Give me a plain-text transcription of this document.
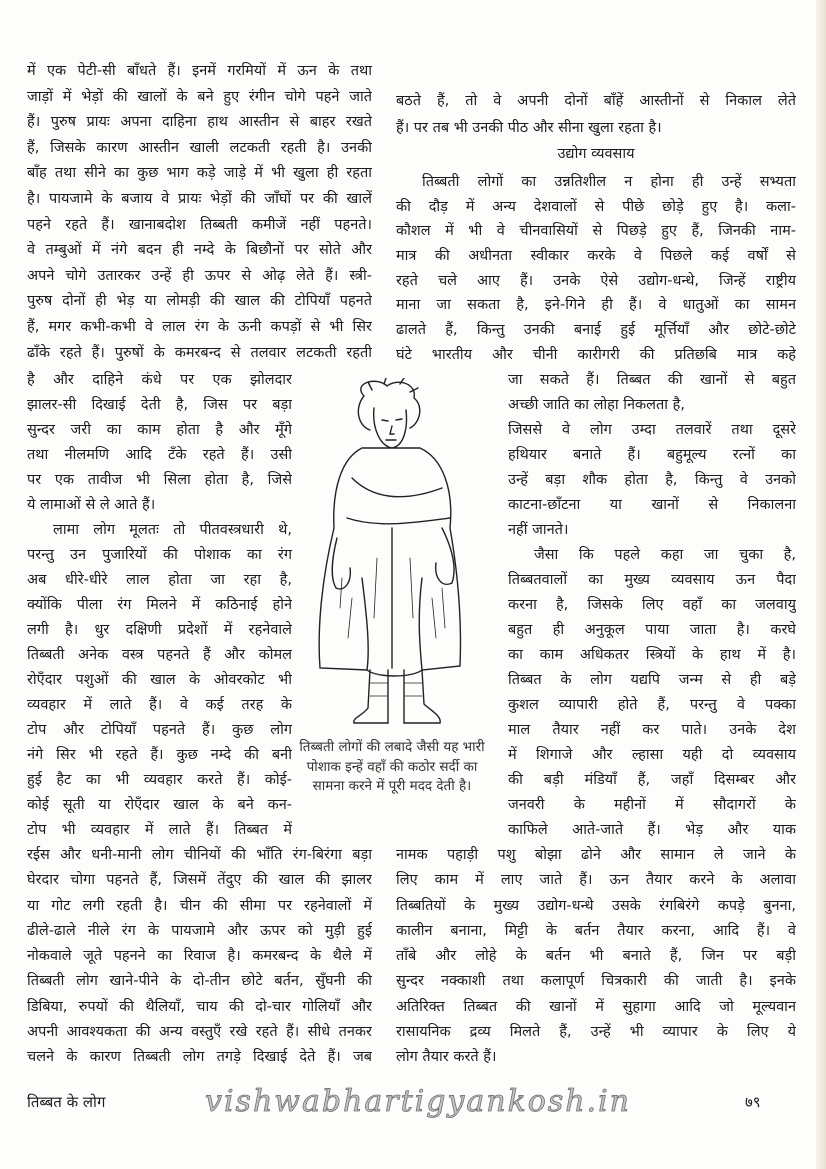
में एक पेटी-सी बाँधते हैं। इनमें गरमियों में ऊन के तथा
जाड़ों में भेड़ों की खालों के बने हुए रंगीन चोगे पहने जाते
हैं। पुरुष प्रायः अपना दाहिना हाथ आस्तीन से बाहर रखते
हैं, जिसके कारण आस्तीन खाली लटकती रहती है। उनकी
बाँह तथा सीने का कुछ भाग कड़े जाड़े में भी खुला ही रहता
है। पायजामे के बजाय वे प्रायः भेड़ों की जाँघों पर की खालें
पहने रहते हैं। खानाबदोश तिब्बती कमीजें नहीं पहनते।
वे तम्बुओं में नंगे बदन ही नम्दे के बिछौनों पर सोते और
अपने चोगे उतारकर उन्हें ही ऊपर से ओढ़ लेते हैं। स्त्री-
पुरुष दोनों ही भेड़ या लोमड़ी की खाल की टोपियाँ पहनते
हैं, मगर कभी-कभी वे लाल रंग के ऊनी कपड़ों से भी सिर
ढाँके रहते हैं। पुरुषों के कमरबन्द से तलवार लटकती रहती
बठते हैं, तो वे अपनी दोनों बाँहें आस्तीनों से निकाल लेते
हैं। पर तब भी उनकी पीठ और सीना खुला रहता है।
उद्योग व्यवसाय
तिब्बती लोगों का उन्नतिशील न होना ही उन्हें सभ्यता
की दौड़ में अन्य देशवालों से पीछे छोड़े हुए है। कला-
कौशल में भी वे चीनवासियों से पिछड़े हुए हैं, जिनकी नाम-
मात्र की अधीनता स्वीकार करके वे पिछले कई वर्षों से
रहते चले आए हैं। उनके ऐसे उद्योग-धन्धे, जिन्हें राष्ट्रीय
माना जा सकता है, इने-गिने ही हैं। वे धातुओं का सामन
ढालते हैं, किन्तु उनकी बनाई हुई मूर्त्तियाँ और छोटे-छोटे
घंटे भारतीय और चीनी कारीगरी की प्रतिछबि मात्र कहे
है और दाहिने कंधे पर एक झोलदार
झालर-सी दिखाई देती है, जिस पर बड़ा
सुन्दर जरी का काम होता है और मूँगे
तथा नीलमणि आदि टँके रहते हैं। उसी
पर एक तावीज भी सिला होता है, जिसे
ये लामाओं से ले आते हैं।
लामा लोग मूलतः तो पीतवस्त्रधारी थे,
परन्तु उन पुजारियों की पोशाक का रंग
अब धीरे-धीरे लाल होता जा रहा है,
क्योंकि पीला रंग मिलने में कठिनाई होने
लगी है। धुर दक्षिणी प्रदेशों में रहनेवाले
तिब्बती अनेक वस्त्र पहनते हैं और कोमल
रोएँदार पशुओं की खाल के ओवरकोट भी
व्यवहार में लाते हैं। वे कई तरह के
टोप और टोपियाँ पहनते हैं। कुछ लोग
नंगे सिर भी रहते हैं। कुछ नम्दे की बनी
हुई हैट का भी व्यवहार करते हैं। कोई-
कोई सूती या रोएँदार खाल के बने कन-
टोप भी व्यवहार में लाते हैं। तिब्बत में
तिब्बती लोगों की लबादे जैसी यह भारी पोशाक इन्हें वहाँ की कठोर सर्दी का सामना करने में पूरी मदद देती है।
जा सकते हैं। तिब्बत की खानों से बहुत
अच्छी जाति का लोहा निकलता है,
जिससे वे लोग उम्दा तलवारें तथा दूसरे
हथियार बनाते हैं। बहुमूल्य रत्नों का
उन्हें बड़ा शौक होता है, किन्तु वे उनको
काटना-छाँटना या खानों से निकालना
नहीं जानते।
जैसा कि पहले कहा जा चुका है,
तिब्बतवालों का मुख्य व्यवसाय ऊन पैदा
करना है, जिसके लिए वहाँ का जलवायु
बहुत ही अनुकूल पाया जाता है। करघे
का काम अधिकतर स्त्रियों के हाथ में है।
तिब्बत के लोग यद्यपि जन्म से ही बड़े
कुशल व्यापारी होते हैं, परन्तु वे पक्का
माल तैयार नहीं कर पाते। उनके देश
में शिगाजे और ल्हासा यही दो व्यवसाय
की बड़ी मंडियाँ हैं, जहाँ दिसम्बर और
जनवरी के महीनों में सौदागरों के
काफिले आते-जाते हैं। भेड़ और याक
रईस और धनी-मानी लोग चीनियों की भाँति रंग-बिरंगा बड़ा
घेरदार चोगा पहनते हैं, जिसमें तेंदुए की खाल की झालर
या गोट लगी रहती है। चीन की सीमा पर रहनेवालों में
ढीले-ढाले नीले रंग के पायजामे और ऊपर को मुड़ी हुई
नोकवाले जूते पहनने का रिवाज है। कमरबन्द के थैले में
तिब्बती लोग खाने-पीने के दो-तीन छोटे बर्तन, सुँघनी की
डिबिया, रुपयों की थैलियाँ, चाय की दो-चार गोलियाँ और
अपनी आवश्यकता की अन्य वस्तुएँ रखे रहते हैं। सीधे तनकर
चलने के कारण तिब्बती लोग तगड़े दिखाई देते हैं। जब
नामक पहाड़ी पशु बोझा ढोने और सामान ले जाने के
लिए काम में लाए जाते हैं। ऊन तैयार करने के अलावा
तिब्बतियों के मुख्य उद्योग-धन्धे उसके रंगबिरंगे कपड़े बुनना,
कालीन बनाना, मिट्टी के बर्तन तैयार करना, आदि हैं। वे
ताँबे और लोहे के बर्तन भी बनाते हैं, जिन पर बड़ी
सुन्दर नक्काशी तथा कलापूर्ण चित्रकारी की जाती है। इनके
अतिरिक्त तिब्बत की खानों में सुहागा आदि जो मूल्यवान
रासायनिक द्रव्य मिलते हैं, उन्हें भी व्यापार के लिए ये
लोग तैयार करते हैं।
तिब्बत के लोग	vishwabhartigyankosh.in	७९
